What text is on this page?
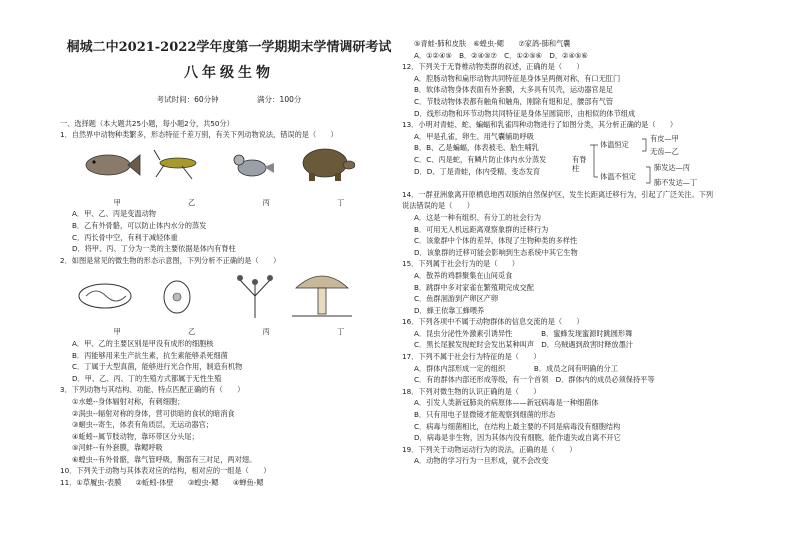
桐城二中2021-2022学年度第一学期期末学情调研考试
八年级生物
考试时间：60分钟	满分：100分
一、选择题（本大题共25小题，每小题2分，共50分）
1．自然界中动物种类繁多，形态特征千差万别，有关下列动物说法，错误的是（　　）
甲	乙	丙	丁
A．甲、乙、丙是变温动物
B．乙有外骨骼，可以防止体内水分的蒸发
C．丙长骨中空，有利于减轻体重
D．将甲、丙、丁分为一类的主要依据是体内有脊柱
2．如图是常见的微生物的形态示意图，下列分析不正确的是（　　）
甲	乙	丙	丁
A．甲、乙的主要区别是甲没有成形的细胞核
B．丙能够用来生产抗生素，抗生素能够杀死细菌
C．丁属于大型真菌，能够进行光合作用，制造有机物
D．甲、乙、丙、丁的生殖方式都属于无性生殖
3．下列动物与其结构、功能、特点匹配正确的有（　　）
①水螅--身体辐射对称，有刺细胞；
②涡虫--辐射对称的身体，营可供暗的食状的暗消食
③蛔虫--寄生，体表有角质层，无运动器官；
④蚯蚓--属节肢动物，靠环带区分头尾；
⑤河蚌--有外套膜，靠鳃呼吸
⑥蝗虫--有外骨骼，靠气管呼吸，胸部有三对足，两对翅。
10．下列关于动物与其体表对应的结构，相对应的一组是（　　）
11．①草履虫-表膜　　②蚯蚓-体壁　　③蝗虫-鳃　　④蝉鱼-鳃
⑤青蛙-肺和皮肤　⑥蝗虫-鳃　　⑦家鸽-肺和气囊
A．①②④⑤　B．②④⑤⑦　C．①②⑤⑥　D．②④⑤⑥
12．下列关于无脊椎动物类群的叙述，正确的是（　　）
A．腔肠动物和扁形动物共同特征是身体呈两侧对称，有口无肛门
B．软体动物身体表面有外套膜，大多具有贝壳，运动器官是足
C．节肢动物体表都有触角和触角，刚除有翅和足，腰部有气管
D．线形动物和环节动物共同特征是身体呈圆筒形，由相似的体节组成
13．小明对青蛙、蛇、蝙蝠和乳雀四种动物进行了如图分类，其分析正确的是（　　）
A．甲是孔雀，卵生、用气囊辅助呼吸
B．B、乙是蝙蝠，体表被毛、胎生哺乳
C．C、丙是蛇，有鳞片防止体内水分蒸发
D．D、丁是青蛙，体内受精、变态发育
有脊柱
体温恒定
体温不恒定
有皮—甲
无齿—乙
肺发达—丙
肺不发达—丁
14．一群亚洲象离开原栖息地西双版纳自然保护区，发生长距离迁移行为，引起了广泛关注。下列
说法错误的是（　　）
A．这是一种有组织、有分工的社会行为
B．可用无人机远距离观察象群的迁移行为
C．该象群中个体的差异，体现了生物种类的多样性
D．该象群的迁移可能会影响到生态系统中其它生物
15．下列属于社会行为的是（　　）
A．散养的鸡群聚集在山间觅食
B．跳群中多对家雀在繁殖期完成交配
C．鱼群洄游到产卵区产卵
D．蜂王依靠工蜂喂养
16．下列各项中不属于动物群体的信息交流的是（　　）
A．昆虫分泌性外激素引诱异性　　　　B．蜜蜂发现蜜源时跳圆形舞
C．黑长尾猴发现蛇时会发出某种叫声　D．乌贼遇到敌害时释放墨汁
17．下列不属于社会行为特征的是（　　）
A．群体内部形成一定的组织　　　　B．成员之间有明确的分工
C．有的群体内部还形成等级，有一个首领　D．群体内的成员必须保持平等
18．下列对微生物的认识正确的是（　　）
A．引发人类新冠肺炎的病原体——新冠病毒是一种细菌体
B．只有用电子显微镜才能观察到细菌的形态
C．病毒与细菌相比，在结构上最主要的不同是病毒没有细胞结构
D．病毒是非生物，因为其体内没有细胞，能作遗失或自离不开它
19．下列关于动物运动行为的说法，正确的是（　　）
A．动物的学习行为一旦形成，就不会改变
